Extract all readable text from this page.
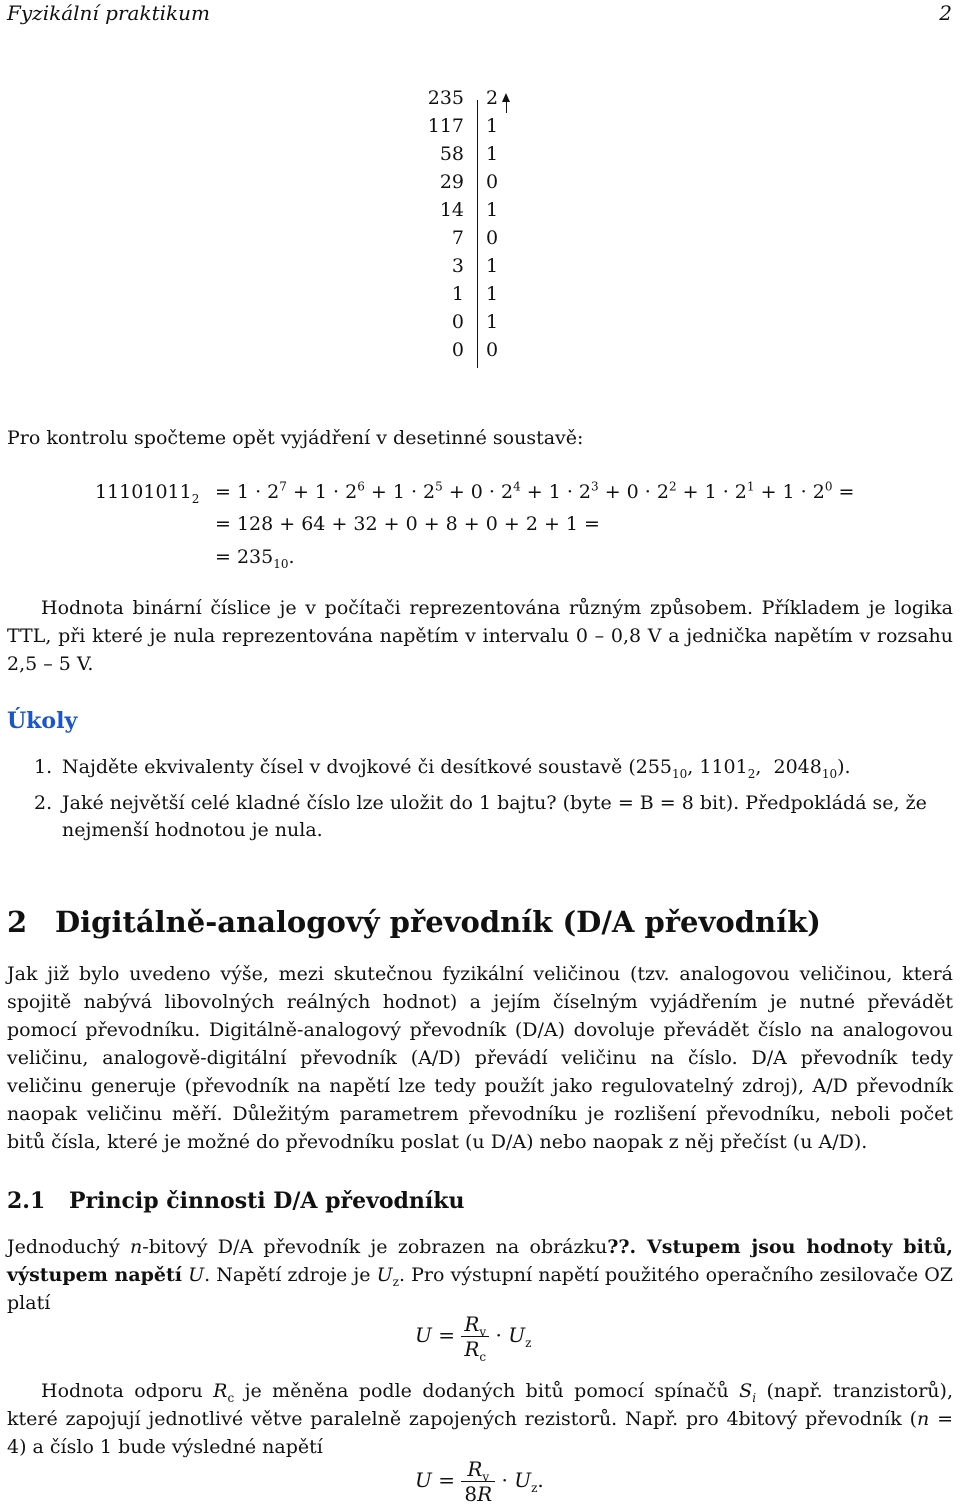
Fyzikální praktikum	2
235 2
117 1
58 1
29 0
14 1
7 0
3 1
1 1
0 1
0 0
Pro kontrolu spočteme opět vyjádření v desetinné soustavě:
$11101011_2 = 1 \cdot 2^7 + 1 \cdot 2^6 + 1 \cdot 2^5 + 0 \cdot 2^4 + 1 \cdot 2^3 + 0 \cdot 2^2 + 1 \cdot 2^1 + 1 \cdot 2^0$ =
= 128 + 64 + 32 + 0 + 8 + 0 + 2 + 1 =
= $235_{10}$.
Hodnota binární číslice je v počítači reprezentována různým způsobem. Příkladem je logika TTL, při které je nula reprezentována napětím v intervalu 0 – 0,8 V a jednička napětím v rozsahu 2,5 – 5 V.
Úkoly
1. Najděte ekvivalenty čísel v dvojkové či desítkové soustavě ($255_{10}$, $1101_2$,  $2048_{10}$).
2. Jaké největší celé kladné číslo lze uložit do 1 bajtu? (byte = B = 8 bit). Předpokládá se, že nejmenší hodnotou je nula.
2 Digitálně-analogový převodník (D/A převodník)
Jak již bylo uvedeno výše, mezi skutečnou fyzikální veličinou (tzv. analogovou veličinou, která spojitě nabývá libovolných reálných hodnot) a jejím číselným vyjádřením je nutné převádět pomocí převodníku. Digitálně-analogový převodník (D/A) dovoluje převádět číslo na analogovou veličinu, analogově-digitální převodník (A/D) převádí veličinu na číslo. D/A převodník tedy veličinu generuje (převodník na napětí lze tedy použít jako regulovatelný zdroj), A/D převodník naopak veličinu měří. Důležitým parametrem převodníku je rozlišení převodníku, neboli počet bitů čísla, které je možné do převodníku poslat (u D/A) nebo naopak z něj přečíst (u A/D).
2.1 Princip činnosti D/A převodníku
Jednoduchý n-bitový D/A převodník je zobrazen na obrázku??. Vstupem jsou hodnoty bitů, výstupem napětí U. Napětí zdroje je $U_z$. Pro výstupní napětí použitého operačního zesilovače OZ platí
$U = \frac{R_v}{R_c} \cdot U_z$
Hodnota odporu $R_c$ je měněna podle dodaných bitů pomocí spínačů $S_i$ (např. tranzistorů), které zapojují jednotlivé větve paralelně zapojených rezistorů. Např. pro 4bitový převodník (n = 4) a číslo 1 bude výsledné napětí
$U = \frac{R_v}{8R} \cdot U_z$.
